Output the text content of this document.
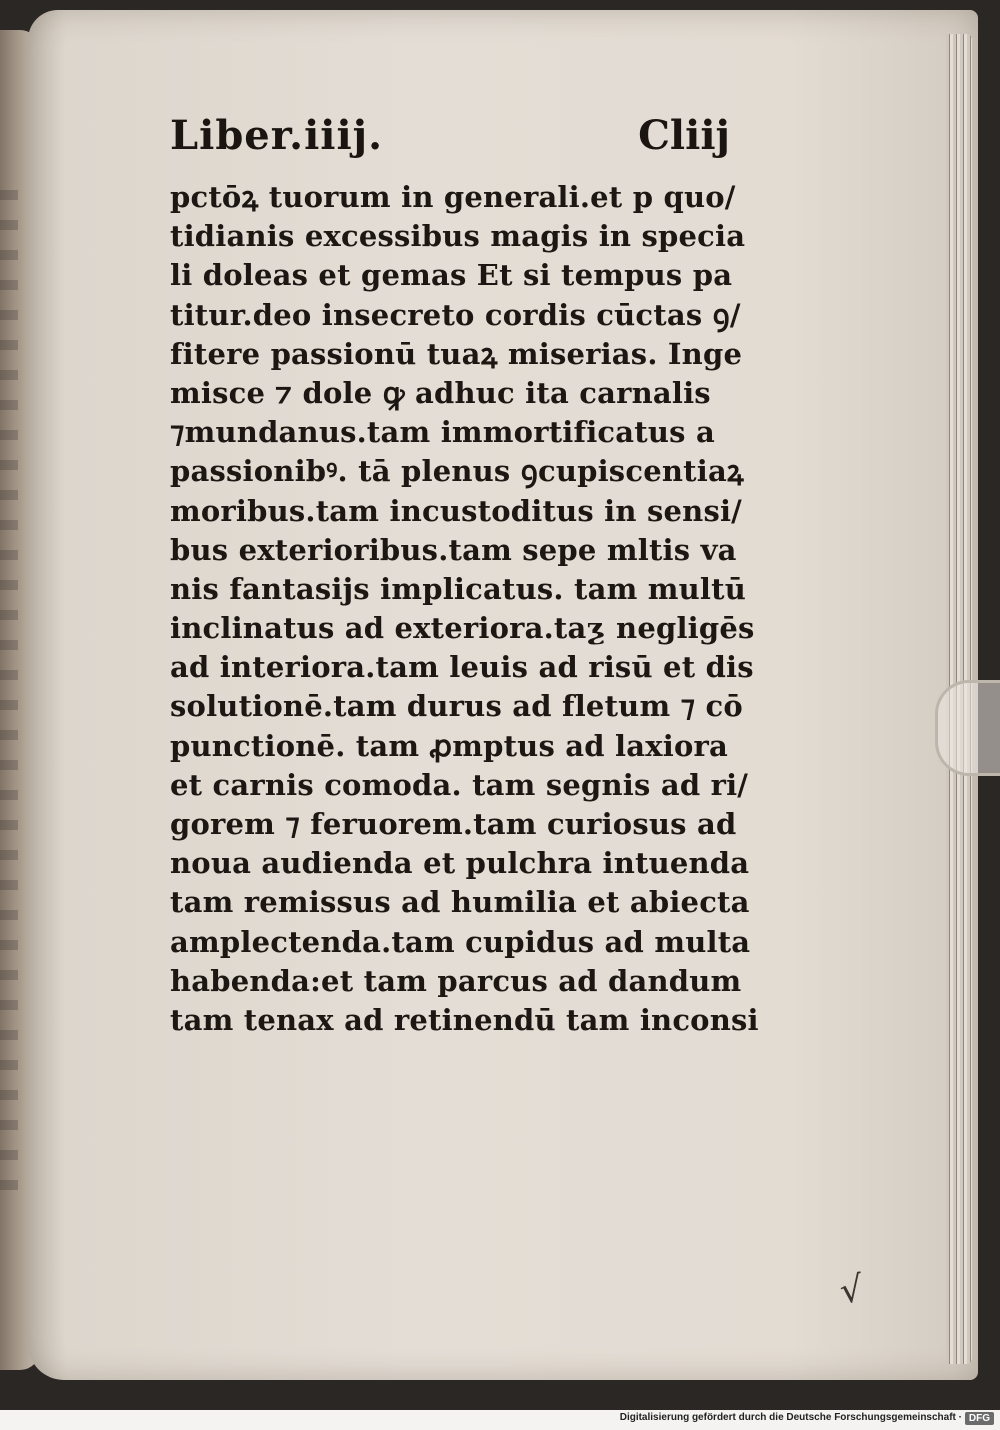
Liber.iiij.	Cliij
pctōꝝ tuorum in generali.et p quo/
tidianis excessibus magis in specia
li doleas et gemas Et si tempus pa
titur.deo insecreto cordis cūctas ꝯ/
fitere passionū tuaꝝ miserias. Inge
misce ⁊ dole ꝙ adhuc ita carnalis
⁊mundanus.tam immortificatus a
passionibꝰ. tā plenus ꝯcupiscentiaꝝ
moribus.tam incustoditus in sensi/
bus exterioribus.tam sepe mltis va
nis fantasijs implicatus. tam multū
inclinatus ad exteriora.taƺ negligēs
ad interiora.tam leuis ad risū et dis
solutionē.tam durus ad fletum ⁊ cō
punctionē. tam ꝓmptus ad laxiora
et carnis comoda. tam segnis ad ri/
gorem ⁊ feruorem.tam curiosus ad
noua audienda et pulchra intuenda
tam remissus ad humilia et abiecta
amplectenda.tam cupidus ad multa
habenda:et tam parcus ad dandum
tam tenax ad retinendū tam inconsi
√
Digitalisierung gefördert durch die Deutsche Forschungsgemeinschaft · DFG
